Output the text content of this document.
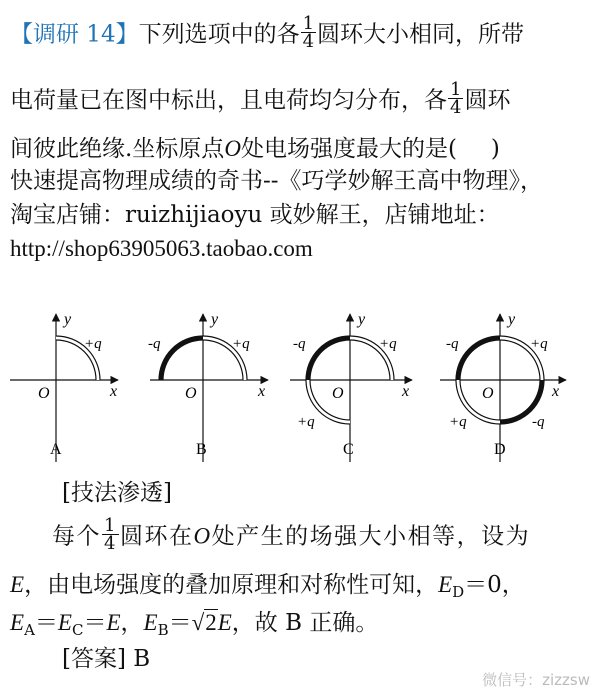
【调研 14】下列选项中的各 $\frac{1}{4}$ 圆环大小相同，所带
电荷量已在图中标出，且电荷均匀分布，各 $\frac{1}{4}$ 圆环
间彼此绝缘.坐标原点O处电场强度最大的是( )
快速提高物理成绩的奇书--《巧学妙解王高中物理》，
淘宝店铺：ruizhijiaoyu 或妙解王，店铺地址：
http://shop63905063.taobao.com
y
x
O
+q
A
y
x
O
-q	+q
B
y
x
O
-q	+q
+q
C
y
x
O
-q	+q
+q	-q
D
[技法渗透]
每个 $\frac{1}{4}$ 圆环在O处产生的场强大小相等，设为
E，由电场强度的叠加原理和对称性可知，$E_D=0$，
$E_A=E_C=E$，$E_B=√2E$，故 B 正确。
[答案] B
微信号：zizzsw
